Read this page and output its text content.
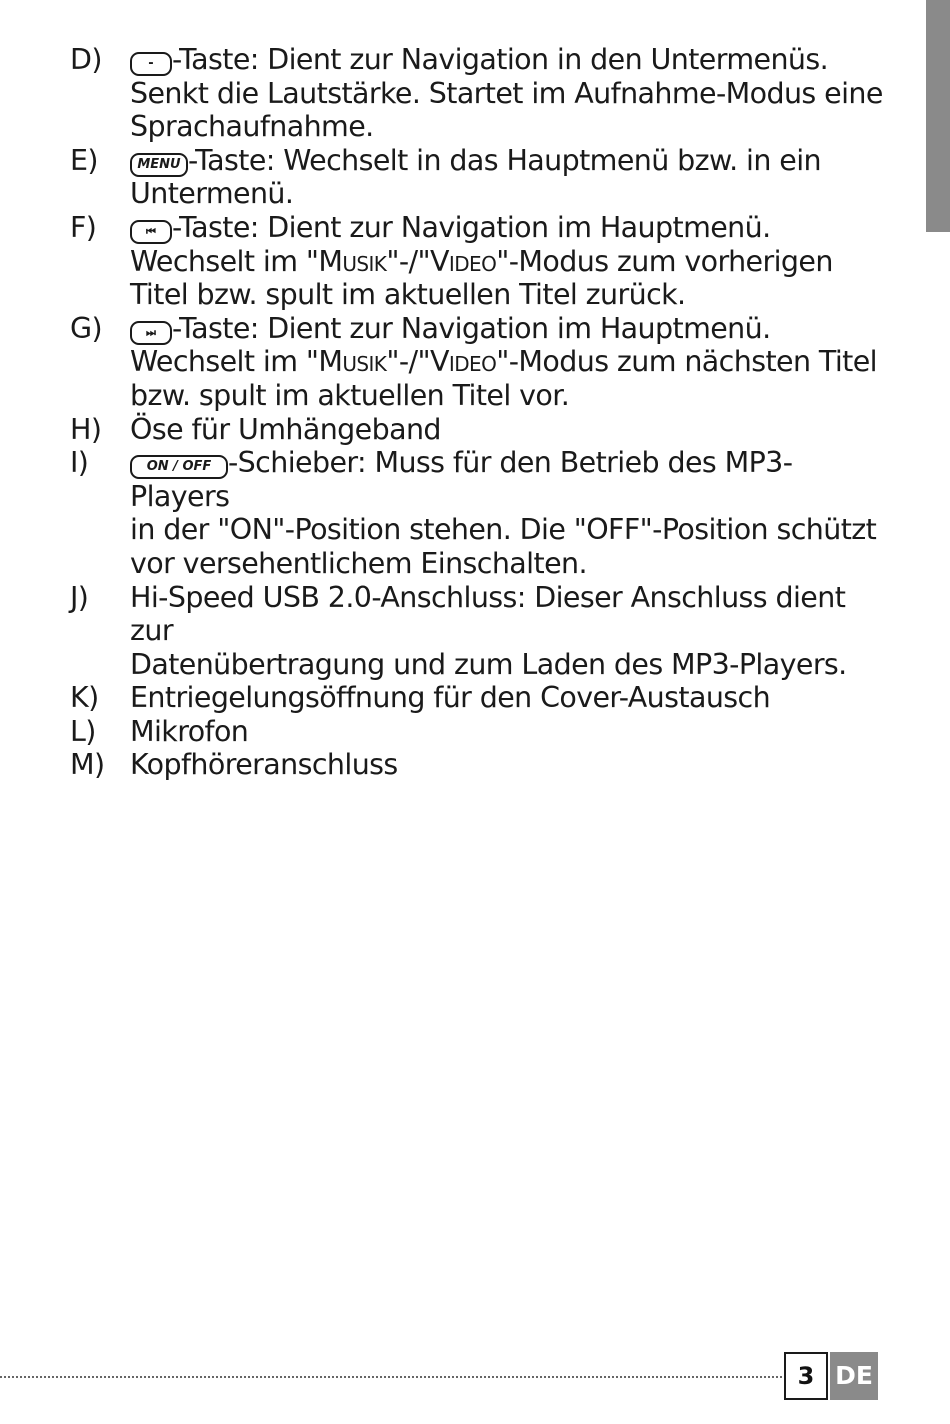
D)	- -Taste: Dient zur Navigation in den Untermenüs.
Senkt die Lautstärke. Startet im Aufnahme-Modus eine
Sprachaufnahme.
E)	MENU -Taste: Wechselt in das Hauptmenü bzw. in ein
Untermenü.
F)	⏮ -Taste: Dient zur Navigation im Hauptmenü.
Wechselt im "Musik"-/"Video"-Modus zum vorherigen
Titel bzw. spult im aktuellen Titel zurück.
G)	⏭ -Taste: Dient zur Navigation im Hauptmenü.
Wechselt im "Musik"-/"Video"-Modus zum nächsten Titel
bzw. spult im aktuellen Titel vor.
H)	Öse für Umhängeband
I)	ON / OFF -Schieber: Muss für den Betrieb des MP3-Players
in der "ON"-Position stehen. Die "OFF"-Position schützt
vor versehentlichem Einschalten.
J)	Hi-Speed USB 2.0-Anschluss: Dieser Anschluss dient zur
Datenübertragung und zum Laden des MP3-Players.
K)	Entriegelungsöffnung für den Cover-Austausch
L)	Mikrofon
M) Kopfhöreranschluss
3 DE
